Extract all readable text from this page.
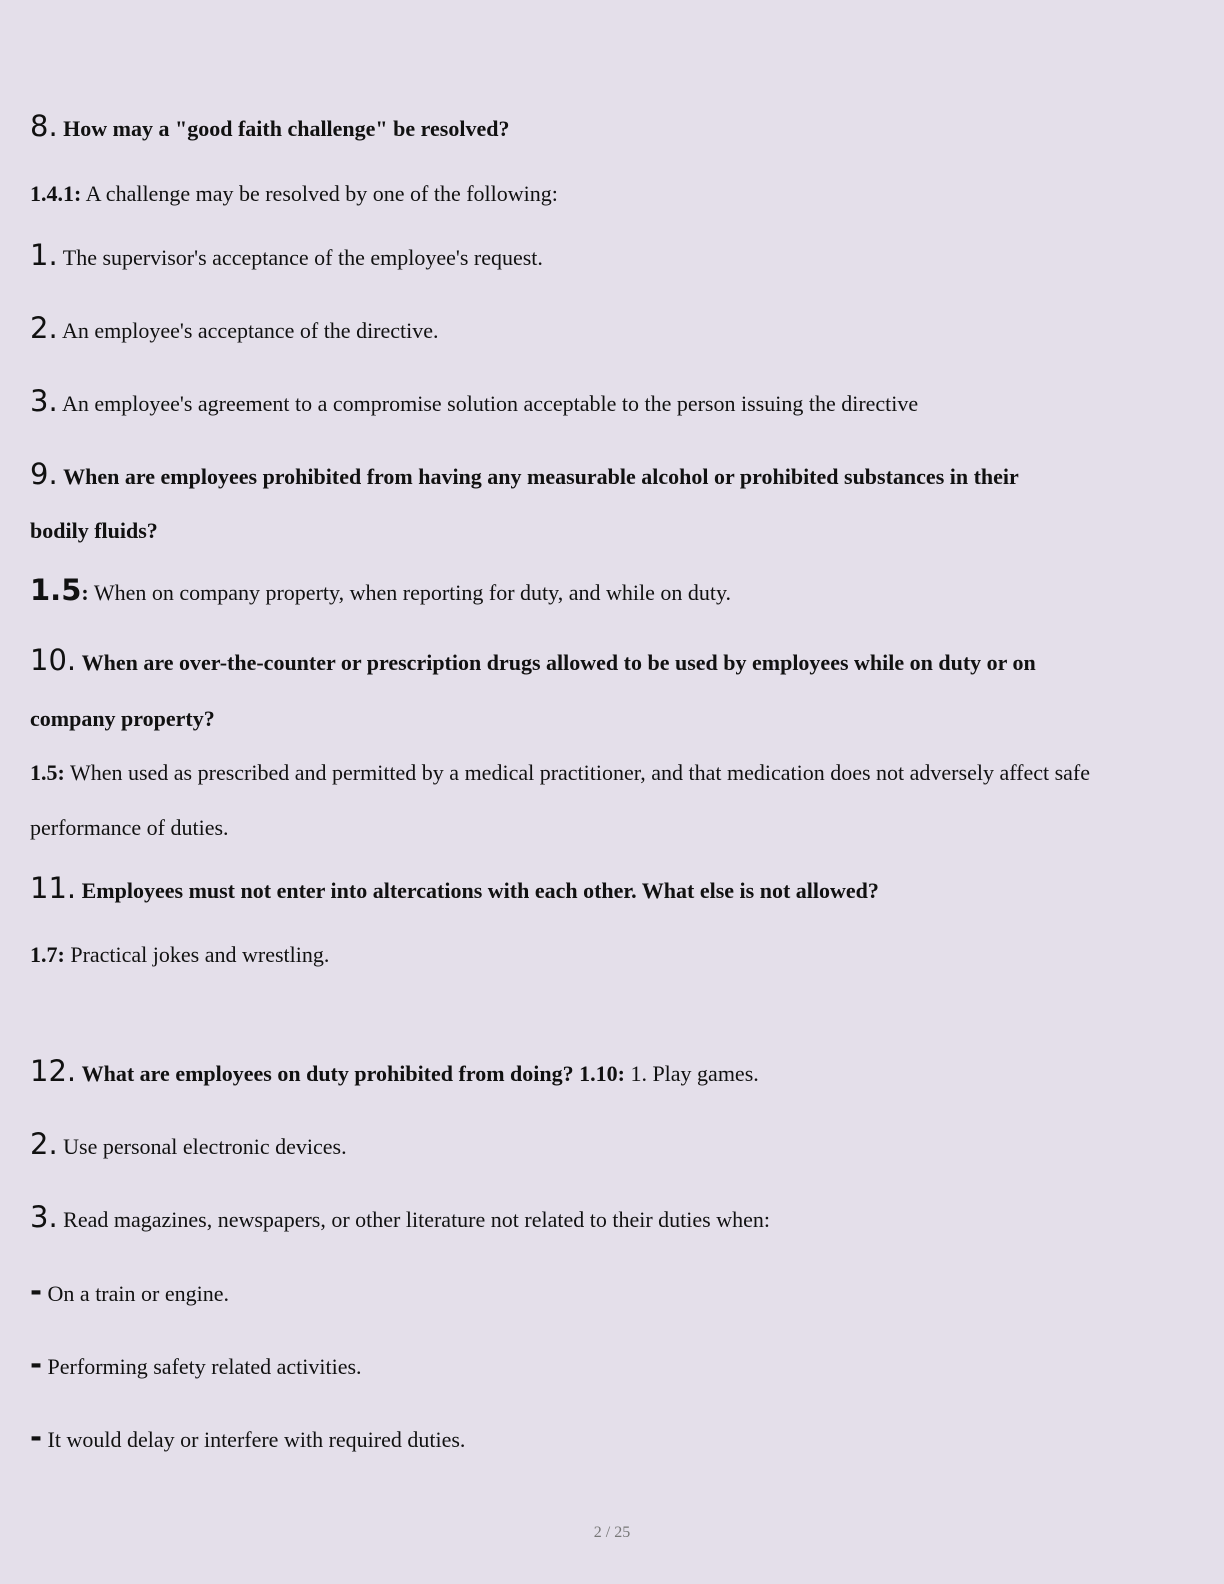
8. How may a "good faith challenge" be resolved?
1.4.1: A challenge may be resolved by one of the following:
1. The supervisor's acceptance of the employee's request.
2. An employee's acceptance of the directive.
3. An employee's agreement to a compromise solution acceptable to the person issuing the directive
9. When are employees prohibited from having any measurable alcohol or prohibited substances in their
bodily fluids?
1.5: When on company property, when reporting for duty, and while on duty.
10. When are over-the-counter or prescription drugs allowed to be used by employees while on duty or on
company property?
1.5: When used as prescribed and permitted by a medical practitioner, and that medication does not adversely affect safe
performance of duties.
11. Employees must not enter into altercations with each other. What else is not allowed?
1.7: Practical jokes and wrestling.
12. What are employees on duty prohibited from doing? 1.10: 1. Play games.
2. Use personal electronic devices.
3. Read magazines, newspapers, or other literature not related to their duties when:
- On a train or engine.
- Performing safety related activities.
- It would delay or interfere with required duties.
2 / 25
